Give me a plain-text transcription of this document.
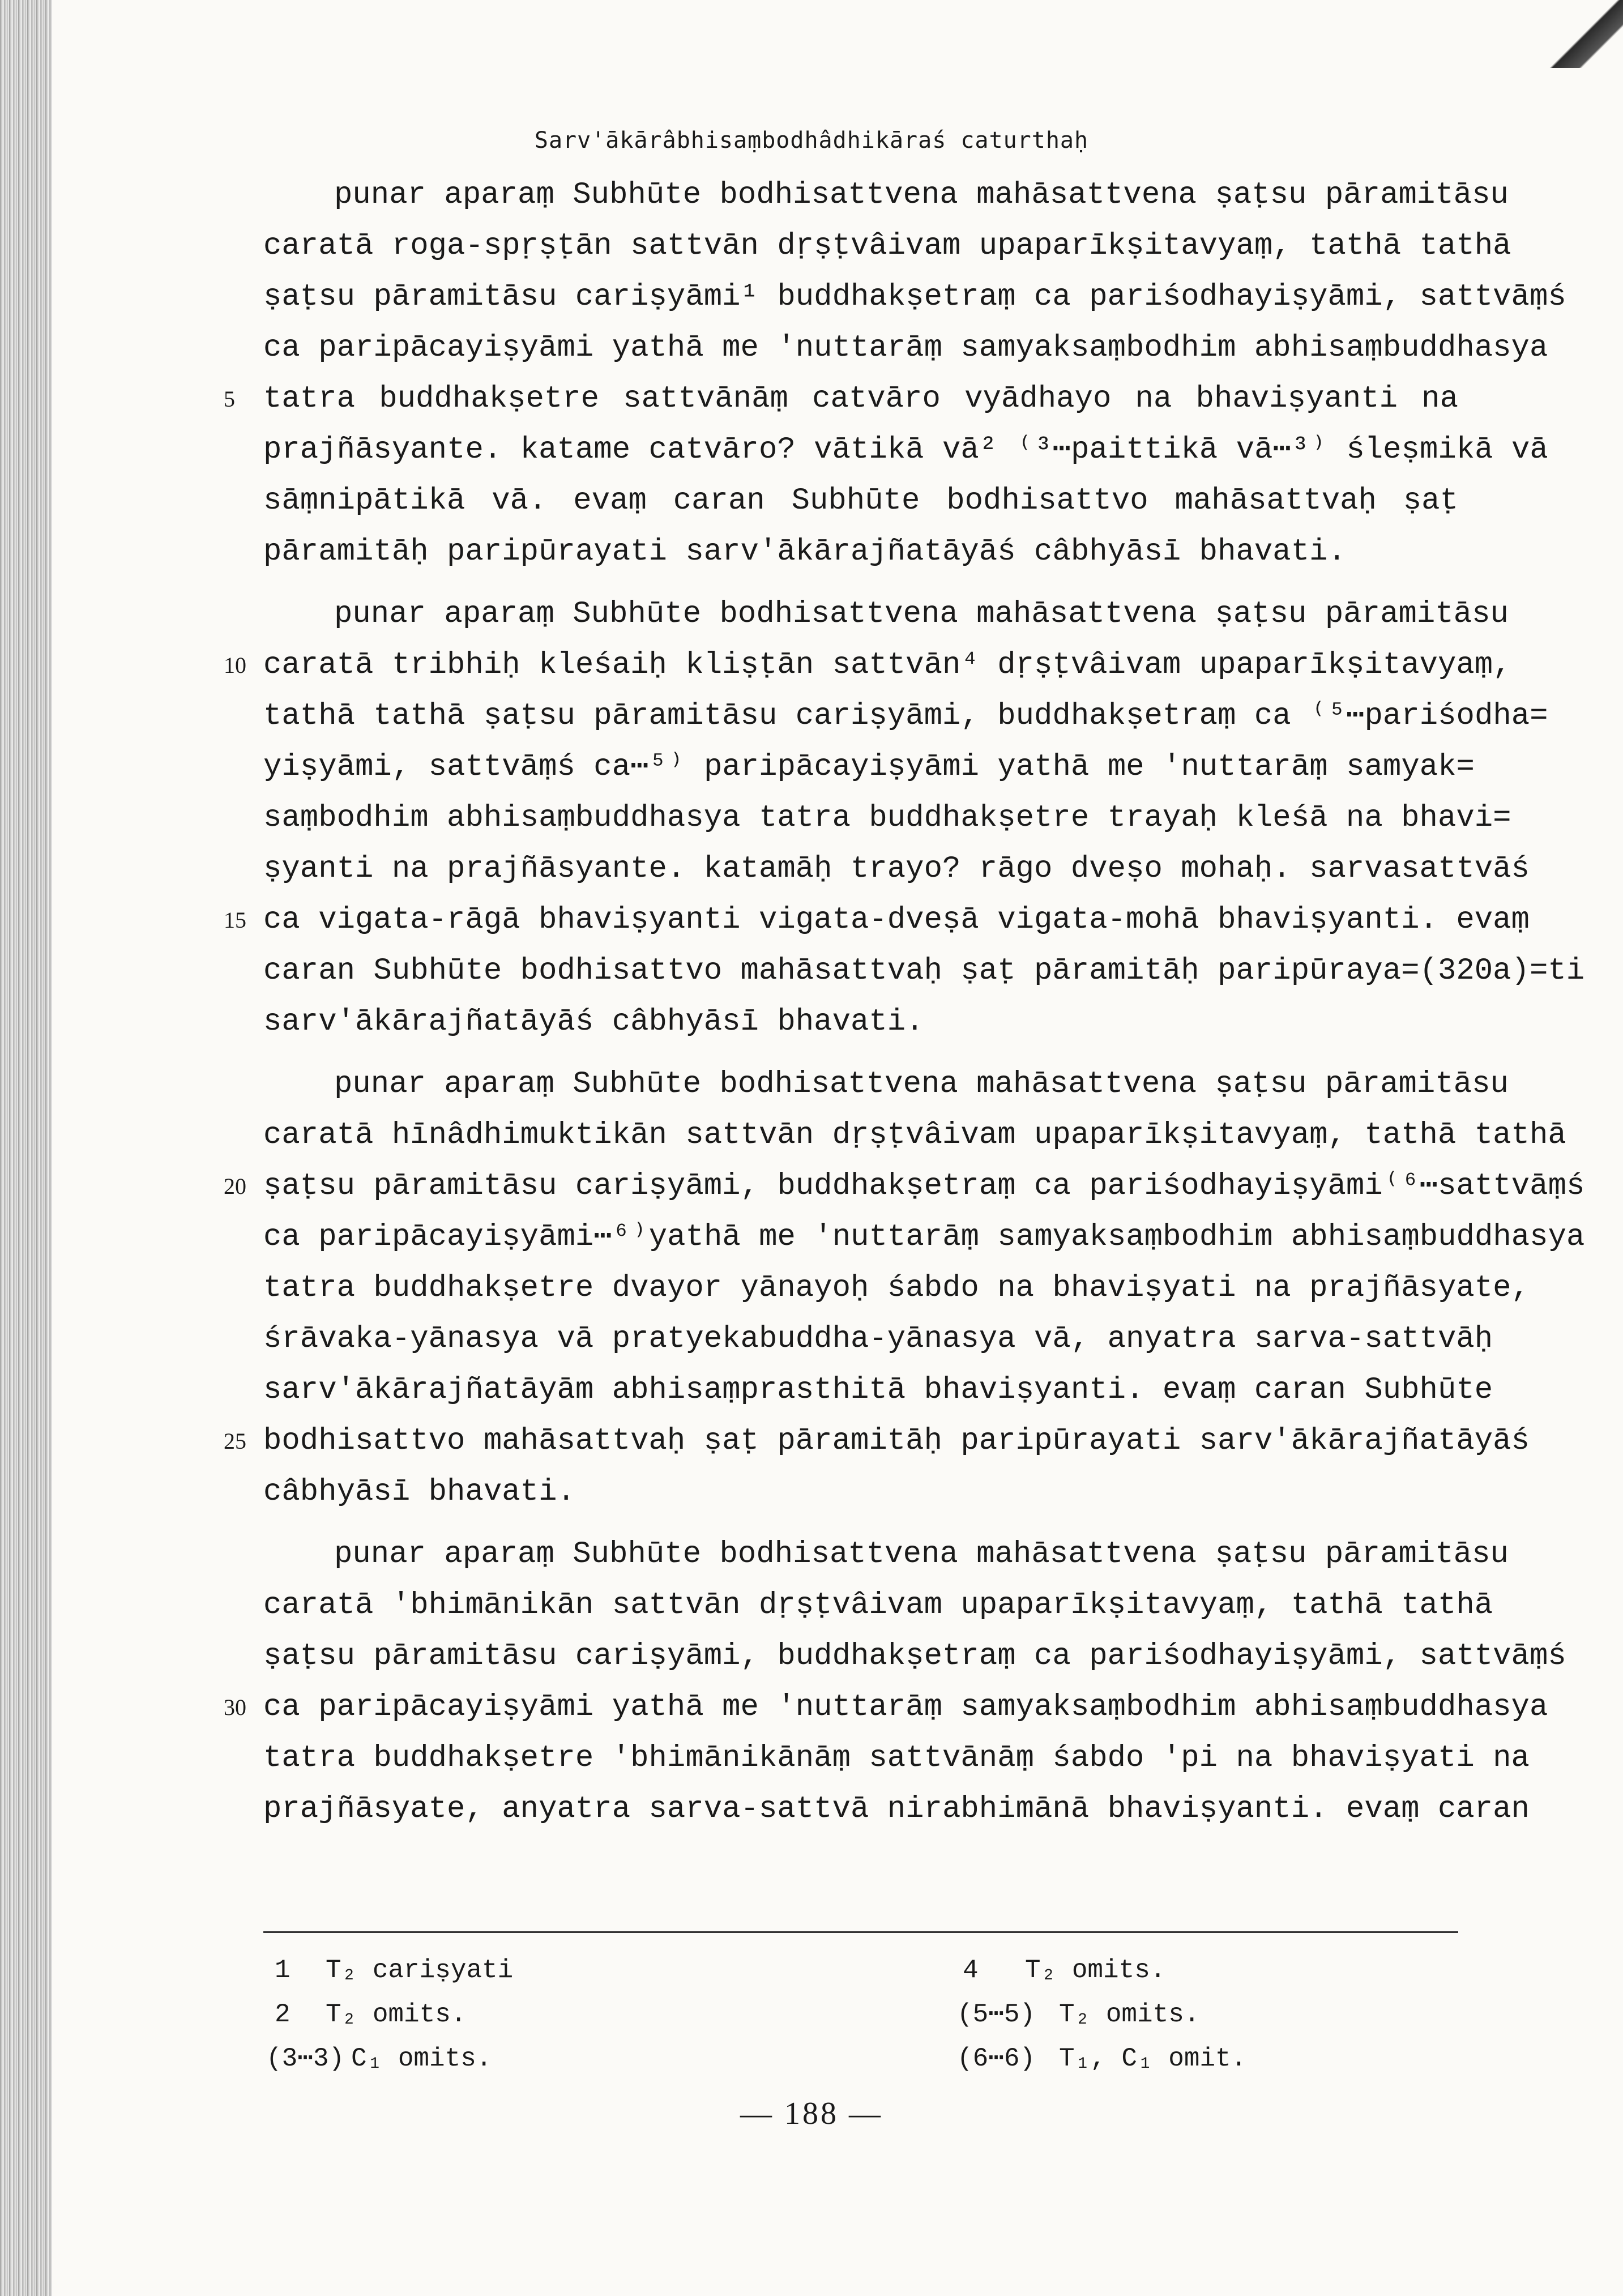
Sarv'ākārâbhisaṃbodhâdhikāraś caturthaḥ
punar aparaṃ Subhūte bodhisattvena mahāsattvena ṣaṭsu pāramitāsu
caratā roga-spṛṣṭān sattvān dṛṣṭvâivam upaparīkṣitavyaṃ, tathā tathā
ṣaṭsu pāramitāsu cariṣyāmi¹ buddhakṣetraṃ ca pariśodhayiṣyāmi, sattvāṃś
ca paripācayiṣyāmi yathā me 'nuttarāṃ samyaksaṃbodhim abhisaṃbuddhasya
tatra buddhakṣetre sattvānāṃ catvāro vyādhayo na bhaviṣyanti na
prajñāsyante. katame catvāro? vātikā vā² ⁽³⋯paittikā vā⋯³⁾ śleṣmikā vā
sāṃnipātikā vā. evaṃ caran Subhūte bodhisattvo mahāsattvaḥ ṣaṭ
pāramitāḥ paripūrayati sarv'ākārajñatāyāś câbhyāsī bhavati.
punar aparaṃ Subhūte bodhisattvena mahāsattvena ṣaṭsu pāramitāsu
caratā tribhiḥ kleśaiḥ kliṣṭān sattvān⁴ dṛṣṭvâivam upaparīkṣitavyaṃ,
tathā tathā ṣaṭsu pāramitāsu cariṣyāmi, buddhakṣetraṃ ca ⁽⁵⋯pariśodha=
yiṣyāmi, sattvāṃś ca⋯⁵⁾ paripācayiṣyāmi yathā me 'nuttarāṃ samyak=
saṃbodhim abhisaṃbuddhasya tatra buddhakṣetre trayaḥ kleśā na bhavi=
ṣyanti na prajñāsyante. katamāḥ trayo? rāgo dveṣo mohaḥ. sarvasattvāś
ca vigata-rāgā bhaviṣyanti vigata-dveṣā vigata-mohā bhaviṣyanti. evaṃ
caran Subhūte bodhisattvo mahāsattvaḥ ṣaṭ pāramitāḥ paripūraya=(320a)=ti
sarv'ākārajñatāyāś câbhyāsī bhavati.
punar aparaṃ Subhūte bodhisattvena mahāsattvena ṣaṭsu pāramitāsu
caratā hīnâdhimuktikān sattvān dṛṣṭvâivam upaparīkṣitavyaṃ, tathā tathā
ṣaṭsu pāramitāsu cariṣyāmi, buddhakṣetraṃ ca pariśodhayiṣyāmi⁽⁶⋯sattvāṃś
ca paripācayiṣyāmi⋯⁶⁾yathā me 'nuttarāṃ samyaksaṃbodhim abhisaṃbuddhasya
tatra buddhakṣetre dvayor yānayoḥ śabdo na bhaviṣyati na prajñāsyate,
śrāvaka-yānasya vā pratyekabuddha-yānasya vā, anyatra sarva-sattvāḥ
sarv'ākārajñatāyām abhisaṃprasthitā bhaviṣyanti. evaṃ caran Subhūte
bodhisattvo mahāsattvaḥ ṣaṭ pāramitāḥ paripūrayati sarv'ākārajñatāyāś
câbhyāsī bhavati.
punar aparaṃ Subhūte bodhisattvena mahāsattvena ṣaṭsu pāramitāsu
caratā 'bhimānikān sattvān dṛṣṭvâivam upaparīkṣitavyaṃ, tathā tathā
ṣaṭsu pāramitāsu cariṣyāmi, buddhakṣetraṃ ca pariśodhayiṣyāmi, sattvāṃś
ca paripācayiṣyāmi yathā me 'nuttarāṃ samyaksaṃbodhim abhisaṃbuddhasya
tatra buddhakṣetre 'bhimānikānāṃ sattvānāṃ śabdo 'pi na bhaviṣyati na
prajñāsyate, anyatra sarva-sattvā nirabhimānā bhaviṣyanti. evaṃ caran
5
10
15
20
25
30
1 T₂ cariṣyati
2 T₂ omits.
(3⋯3) C₁ omits.
4 T₂ omits.
(5⋯5) T₂ omits.
(6⋯6) T₁, C₁ omit.
— 188 —
